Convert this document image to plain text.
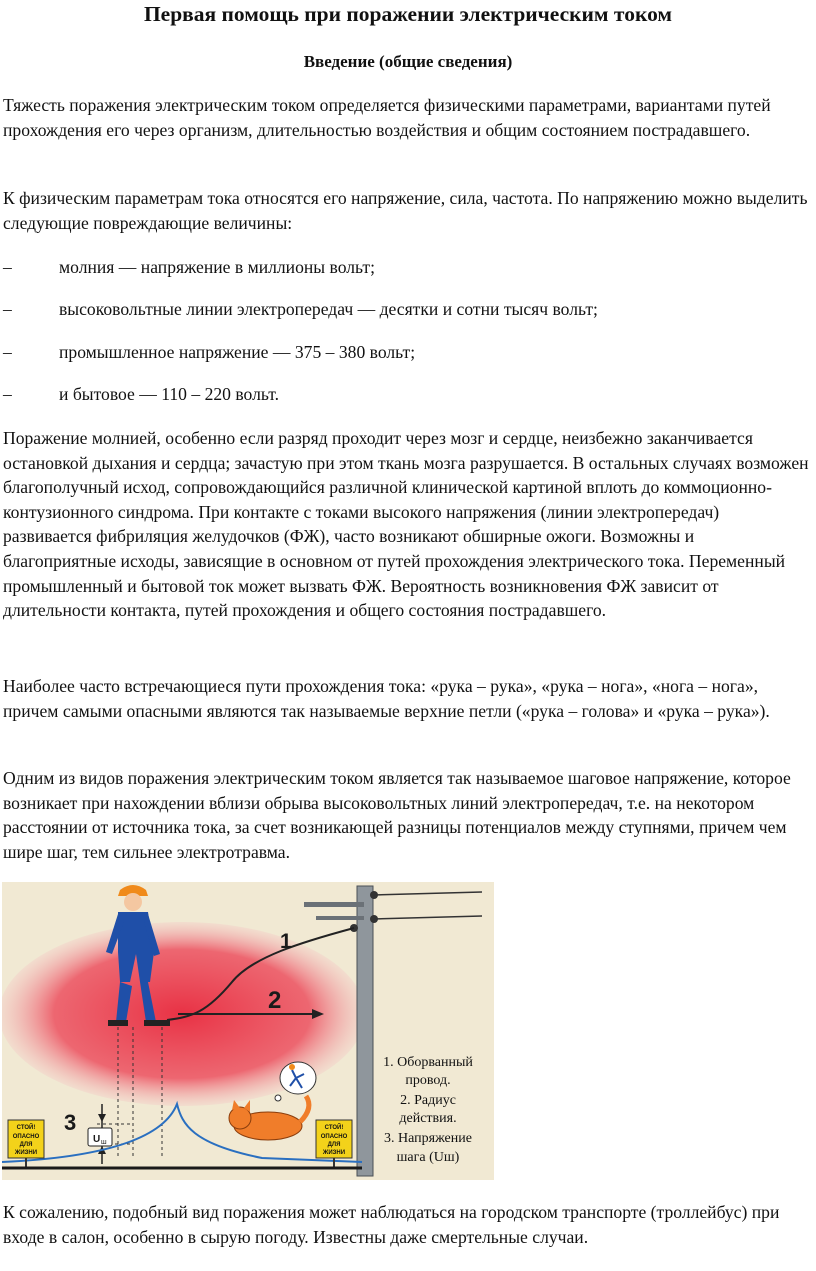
Первая помощь при поражении электрическим током
Введение (общие сведения)

Тяжесть поражения электрическим током определяется физическими параметрами, вариантами путей прохождения его через организм, длительностью воздействия и общим состоянием пострадавшего.

К физическим параметрам тока относятся его напряжение, сила, частота. По напряжению можно выделить следующие повреждающие величины:

–	молния — напряжение в миллионы вольт;

–	высоковольтные линии электропередач — десятки и сотни тысяч вольт;

–	промышленное напряжение — 375 – 380 вольт;

–	и бытовое — 110 – 220 вольт.

Поражение молнией, особенно если разряд проходит через мозг и сердце, неизбежно заканчивается остановкой дыхания и сердца; зачастую при этом ткань мозга разрушается. В остальных случаях возможен благополучный исход, сопровождающийся различной клинической картиной вплоть до коммоционно-контузионного синдрома. При контакте с токами высокого напряжения (линии электропередач) развивается фибриляция желудочков (ФЖ), часто возникают обширные ожоги. Возможны и благоприятные исходы, зависящие в основном от путей прохождения электрического тока. Переменный промышленный и бытовой ток может вызвать ФЖ. Вероятность возникновения ФЖ зависит от длительности контакта, путей прохождения и общего состояния пострадавшего.

Наиболее часто встречающиеся пути прохождения тока: «рука – рука», «рука – нога», «нога – нога», причем самыми опасными являются так называемые верхние петли («рука – голова» и «рука – рука»).

Одним из видов поражения электрическим током является так называемое шаговое напряжение, которое возникает при нахождении вблизи обрыва высоковольтных линий электропередач, т.е. на некотором расстоянии от источника тока, за счет возникающей разницы потенциалов между ступнями, причем чем шире шаг, тем сильнее электротравма.

1
2
3
U ш
СТОЙ!
ОПАСНО
ДЛЯ
ЖИЗНИ
СТОЙ!
ОПАСНО
ДЛЯ
ЖИЗНИ
1. Оборванный
провод.
2. Радиус
действия.
3. Напряжение
шага (Uш)

К сожалению, подобный вид поражения может наблюдаться на городском транспорте (троллейбус) при входе в салон, особенно в сырую погоду. Известны даже смертельные случаи.
